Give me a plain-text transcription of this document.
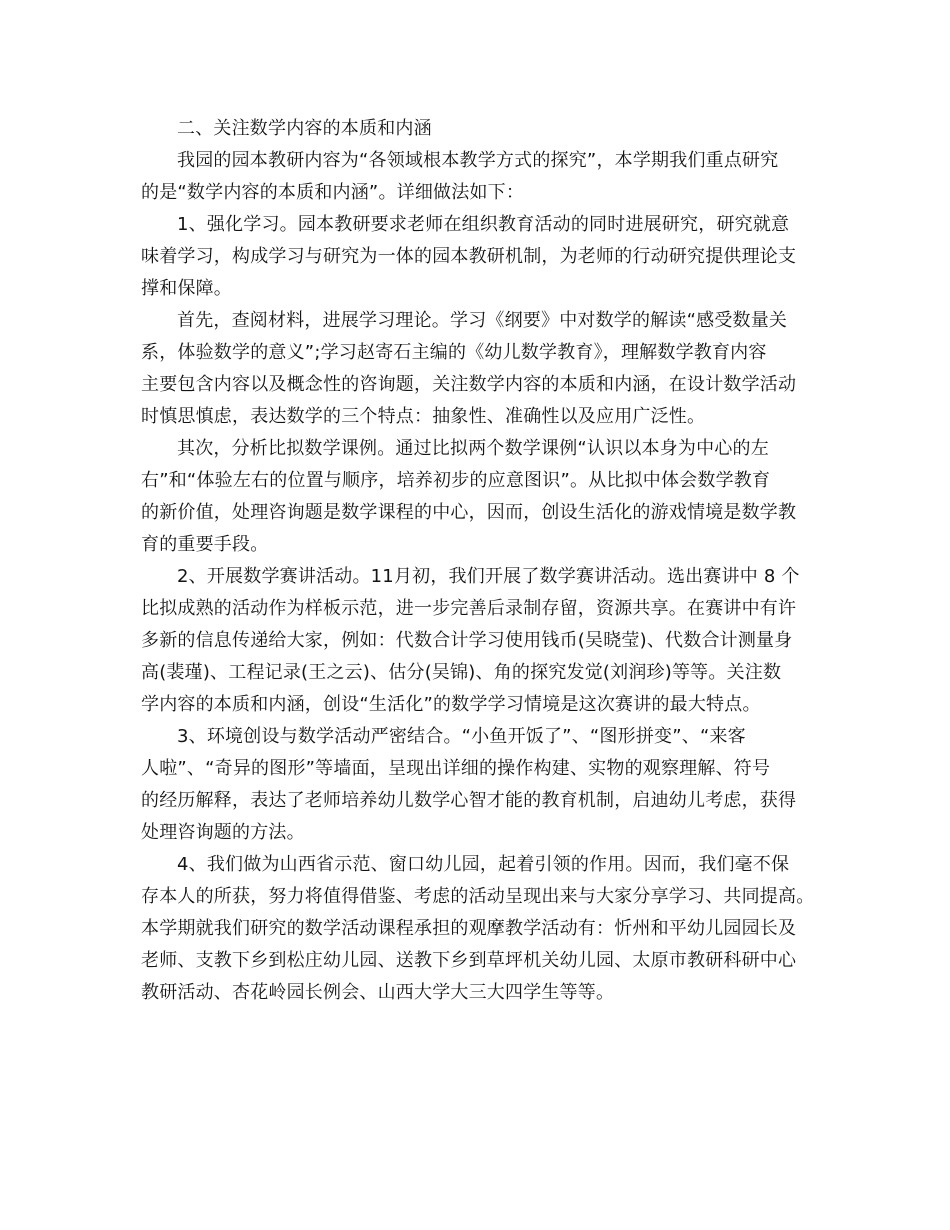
二、关注数学内容的本质和内涵
我园的园本教研内容为“各领域根本教学方式的探究”，本学期我们重点研究
的是“数学内容的本质和内涵”。详细做法如下：
1、强化学习。园本教研要求老师在组织教育活动的同时进展研究，研究就意
味着学习，构成学习与研究为一体的园本教研机制，为老师的行动研究提供理论支
撑和保障。
首先，查阅材料，进展学习理论。学习《纲要》中对数学的解读“感受数量关
系，体验数学的意义”;学习赵寄石主编的《幼儿数学教育》，理解数学教育内容
主要包含内容以及概念性的咨询题，关注数学内容的本质和内涵，在设计数学活动
时慎思慎虑，表达数学的三个特点：抽象性、准确性以及应用广泛性。
其次，分析比拟数学课例。通过比拟两个数学课例“认识以本身为中心的左
右”和“体验左右的位置与顺序，培养初步的应意图识”。从比拟中体会数学教育
的新价值，处理咨询题是数学课程的中心，因而，创设生活化的游戏情境是数学教
育的重要手段。
2、开展数学赛讲活动。11月初，我们开展了数学赛讲活动。选出赛讲中 8 个
比拟成熟的活动作为样板示范，进一步完善后录制存留，资源共享。在赛讲中有许
多新的信息传递给大家，例如：代数合计学习使用钱币(吴晓莹)、代数合计测量身
高(裴瑾)、工程记录(王之云)、估分(吴锦)、角的探究发觉(刘润珍)等等。关注数
学内容的本质和内涵，创设“生活化”的数学学习情境是这次赛讲的最大特点。
3、环境创设与数学活动严密结合。“小鱼开饭了”、“图形拼变”、“来客
人啦”、“奇异的图形”等墙面，呈现出详细的操作构建、实物的观察理解、符号
的经历解释，表达了老师培养幼儿数学心智才能的教育机制，启迪幼儿考虑，获得
处理咨询题的方法。
4、我们做为山西省示范、窗口幼儿园，起着引领的作用。因而，我们毫不保
存本人的所获，努力将值得借鉴、考虑的活动呈现出来与大家分享学习、共同提高。
本学期就我们研究的数学活动课程承担的观摩教学活动有：忻州和平幼儿园园长及
老师、支教下乡到松庄幼儿园、送教下乡到草坪机关幼儿园、太原市教研科研中心
教研活动、杏花岭园长例会、山西大学大三大四学生等等。
